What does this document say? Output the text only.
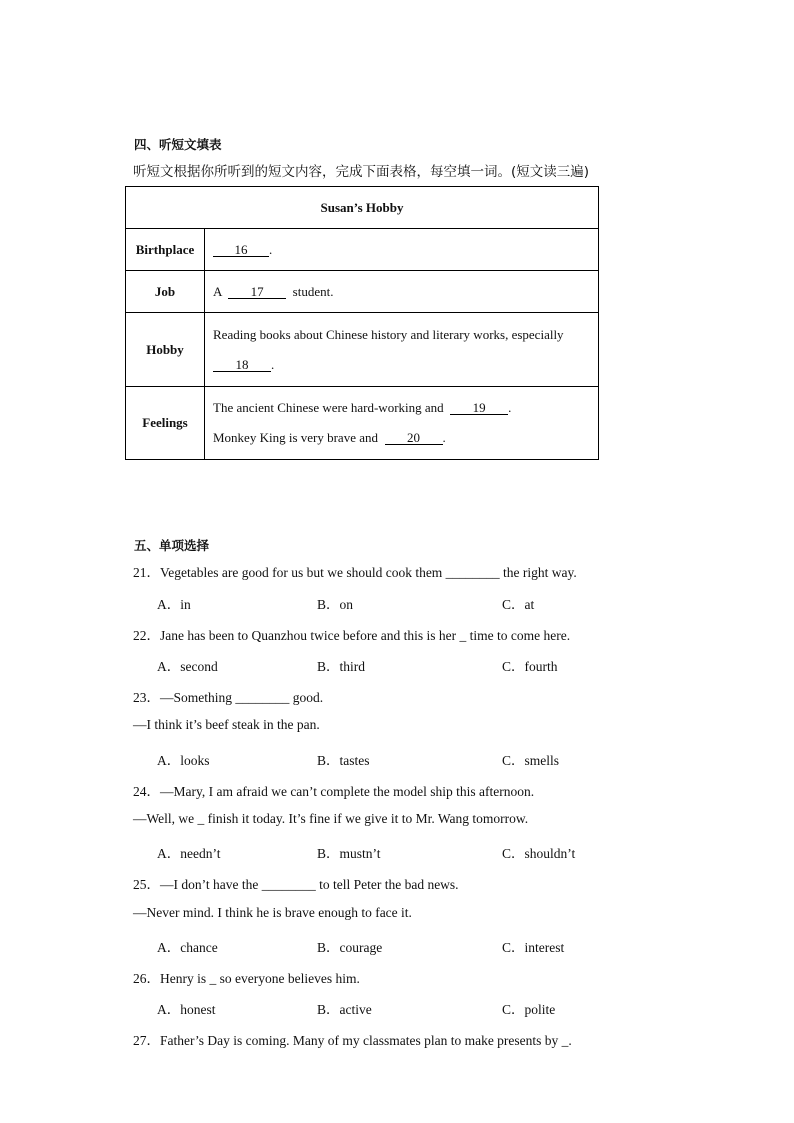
四、听短文填表
听短文根据你所听到的短文内容，完成下面表格，每空填一词。(短文读三遍)
Susan’s Hobby	
Birthplace	16 .
Job	A 17 student.
Hobby	Reading books about Chinese history and literary works, especially
18 .

Feelings	The ancient Chinese were hard-working and 19 .
Monkey King is very brave and 20 .
五、单项选择
21．Vegetables are good for us but we should cook them ________ the right way.
A．in	B．on	C．at
22．Jane has been to Quanzhou twice before and this is her _ time to come here.
A．second	B．third	C．fourth
23．—Something ________ good.
—I think it’s beef steak in the pan.
A．looks	B．tastes	C．smells
24．—Mary, I am afraid we can’t complete the model ship this afternoon.
—Well, we _ finish it today. It’s fine if we give it to Mr. Wang tomorrow.
A．needn’t	B．mustn’t	C．shouldn’t
25．—I don’t have the ________ to tell Peter the bad news.
—Never mind. I think he is brave enough to face it.
A．chance	B．courage	C．interest
26．Henry is _ so everyone believes him.
A．honest	B．active	C．polite
27．Father’s Day is coming. Many of my classmates plan to make presents by _.
